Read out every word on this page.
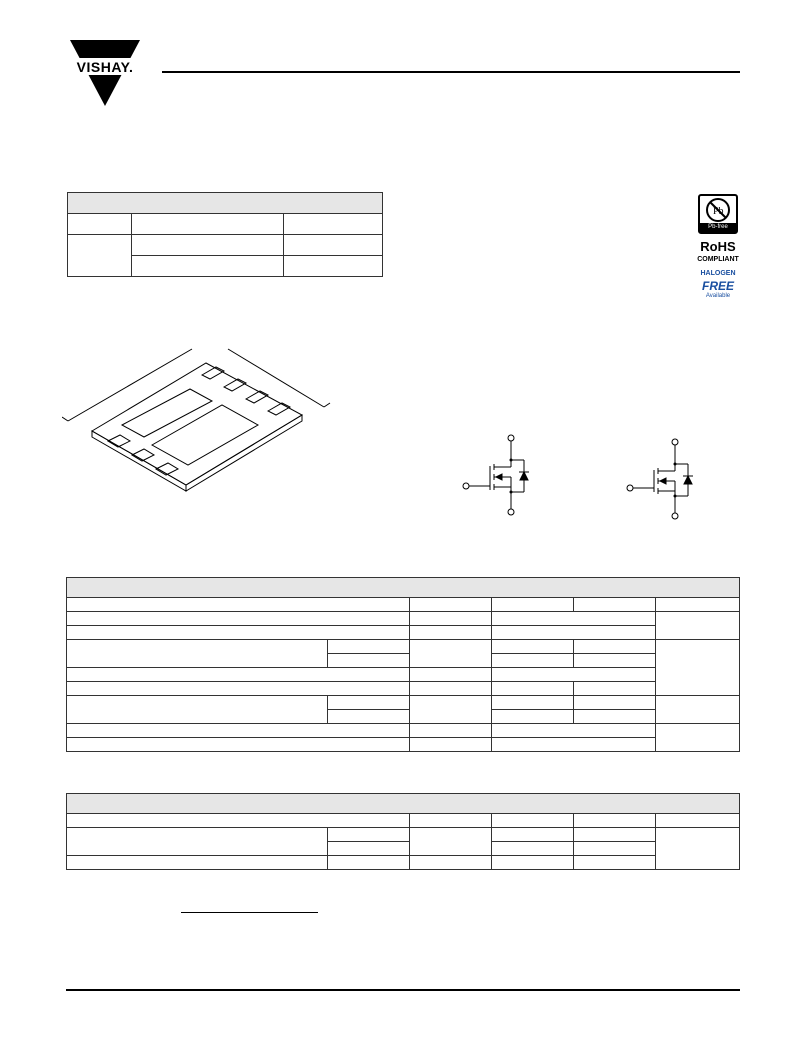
VISHAY.

Pb
Pb-free
RoHS
COMPLIANT
HALOGEN
FREE
Available
